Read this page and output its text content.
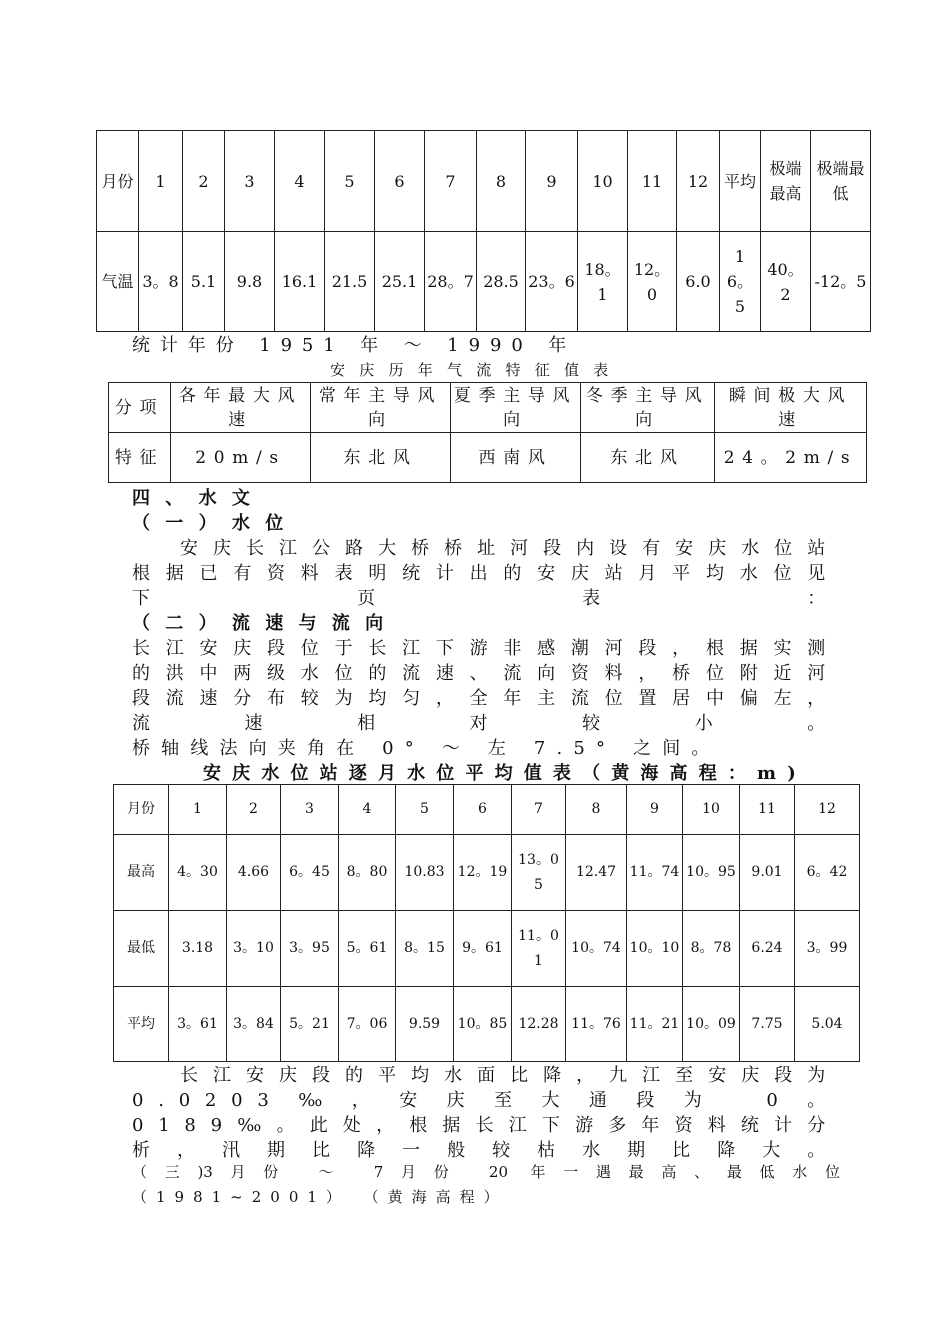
月份	1	2	3	4	5	6	7	8	9	10	11	12	平均	极端最高	极端最低
气温	3。8	5.1	9.8	16.1	21.5	25.1	28。7	28.5	23。6	18。1	12。0	6.0	16。5	40。2	-12。5
统计年份 1951 年 ～ 1990 年
安庆历年气流特征值表
分项	各年最大风速	常年主导风向	夏季主导风向	冬季主导风向	瞬间极大风速
特征	20m/s	东北风	西南风	东北风	24。2m/s
四、水文
（一）水位
安庆长江公路大桥桥址河段内设有安庆水位站根据已有资料表明统计出的安庆站月平均水位见下页表：
（二）流速与流向
长江安庆段位于长江下游非感潮河段，根据实测的洪中两级水位的流速、流向资料，桥位附近河段流速分布较为均匀，全年主流位置居中偏左，流速相对较小。
桥轴线法向夹角在 0° ～ 左 7.5° 之间。
安庆水位站逐月水位平均值表（黄海高程：m)
月份	1	2	3	4	5	6	7	8	9	10	11	12
最高	4。30	4.66	6。45	8。80	10.83	12。19	13。05	12.47	11。74	10。95	9.01	6。42
最低	3.18	3。10	3。95	5。61	8。15	9。61	11。01	10。74	10。10	8。78	6.24	3。99
平均	3。61	3。84	5。21	7。06	9.59	10。85	12.28	11。76	11。21	10。09	7.75	5.04
长江安庆段的平均水面比降，九江至安庆段为 0.0203‰，安庆至大通段为 0。0189‰。此处，根据长江下游多年资料统计分析，汛期比降一般较枯水期比降大。
（三)3月份 ～ 7月份 20 年一遇最高、最低水位
（1981~2001） （黄海高程）
